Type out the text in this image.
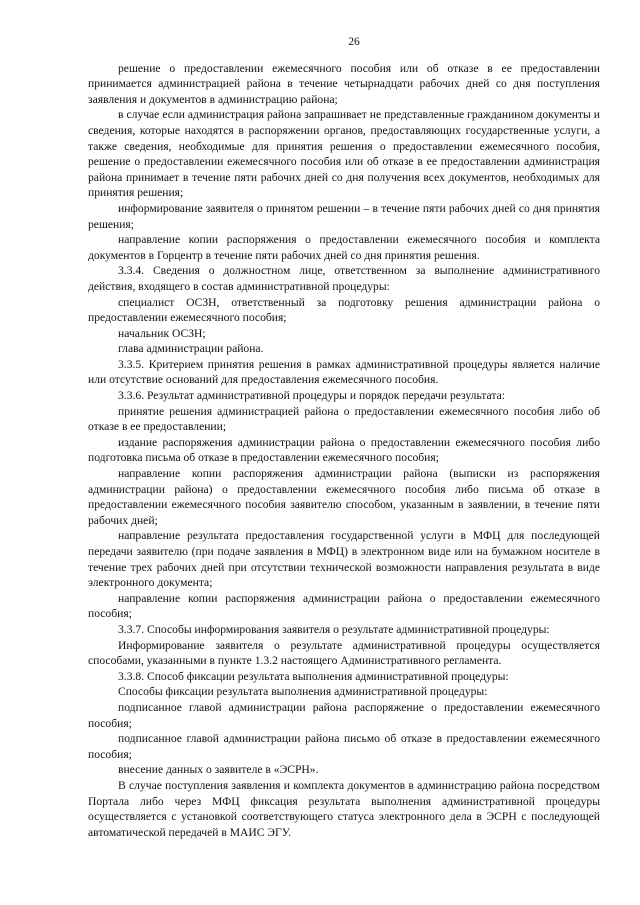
26

решение о предоставлении ежемесячного пособия или об отказе в ее предоставлении принимается администрацией района в течение четырнадцати рабочих дней со дня поступления заявления и документов в администрацию района;

в случае если администрация района запрашивает не представленные гражданином документы и сведения, которые находятся в распоряжении органов, предоставляющих государственные услуги, а также сведения, необходимые для принятия решения о предоставлении ежемесячного пособия, решение о предоставлении ежемесячного пособия или об отказе в ее предоставлении администрация района принимает в течение пяти рабочих дней со дня получения всех документов, необходимых для принятия решения;

информирование заявителя о принятом решении – в течение пяти рабочих дней со дня принятия решения;

направление копии распоряжения о предоставлении ежемесячного пособия и комплекта документов в Горцентр в течение пяти рабочих дней со дня принятия решения.

3.3.4. Сведения о должностном лице, ответственном за выполнение административного действия, входящего в состав административной процедуры:

специалист ОСЗН, ответственный за подготовку решения администрации района о предоставлении ежемесячного пособия;

начальник ОСЗН;

глава администрации района.

3.3.5. Критерием принятия решения в рамках административной процедуры является наличие или отсутствие оснований для предоставления ежемесячного пособия.

3.3.6. Результат административной процедуры и порядок передачи результата:

принятие решения администрацией района о предоставлении ежемесячного пособия либо об отказе в ее предоставлении;

издание распоряжения администрации района о предоставлении ежемесячного пособия либо подготовка письма об отказе в предоставлении ежемесячного пособия;

направление копии распоряжения администрации района (выписки из распоряжения администрации района) о предоставлении ежемесячного пособия либо письма об отказе в предоставлении ежемесячного пособия заявителю способом, указанным в заявлении, в течение пяти рабочих дней;

направление результата предоставления государственной услуги в МФЦ для последующей передачи заявителю (при подаче заявления в МФЦ) в электронном виде или на бумажном носителе в течение трех рабочих дней при отсутствии технической возможности направления результата в виде электронного документа;

направление копии распоряжения администрации района о предоставлении ежемесячного пособия;

3.3.7. Способы информирования заявителя о результате административной процедуры:

Информирование заявителя о результате административной процедуры осуществляется способами, указанными в пункте 1.3.2 настоящего Административного регламента.

3.3.8. Способ фиксации результата выполнения административной процедуры:

Способы фиксации результата выполнения административной процедуры:

подписанное главой администрации района распоряжение о предоставлении ежемесячного пособия;

подписанное главой администрации района письмо об отказе в предоставлении ежемесячного пособия;

внесение данных о заявителе в «ЭСРН».

В случае поступления заявления и комплекта документов в администрацию района посредством Портала либо через МФЦ фиксация результата выполнения административной процедуры осуществляется с установкой соответствующего статуса электронного дела в ЭСРН с последующей автоматической передачей в МАИС ЭГУ.
